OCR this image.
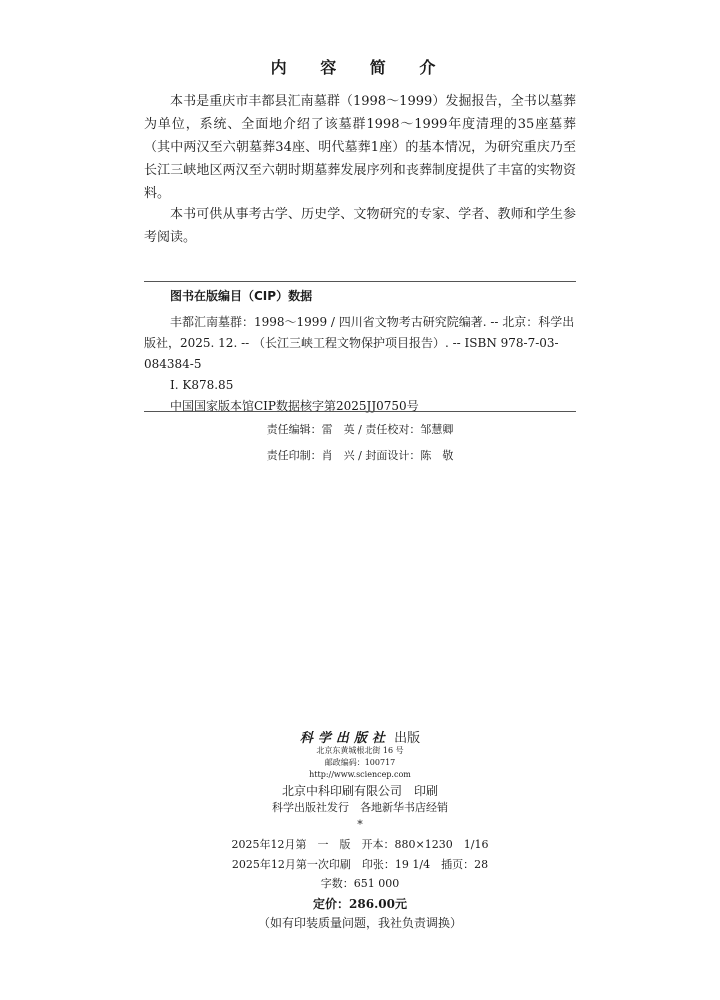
内 容 简 介

本书是重庆市丰都县汇南墓群（1998～1999）发掘报告，全书以墓葬为单位，系统、全面地介绍了该墓群1998～1999年度清理的35座墓葬（其中两汉至六朝墓葬34座、明代墓葬1座）的基本情况，为研究重庆乃至长江三峡地区两汉至六朝时期墓葬发展序列和丧葬制度提供了丰富的实物资料。

本书可供从事考古学、历史学、文物研究的专家、学者、教师和学生参考阅读。

图书在版编目（CIP）数据

丰都汇南墓群：1998～1999 / 四川省文物考古研究院编著. -- 北京：科学出版社，2025. 12. -- （长江三峡工程文物保护项目报告）. -- ISBN 978-7-03-084384-5

Ⅰ. K878.85

中国国家版本馆CIP数据核字第2025JJ0750号

责任编辑：雷　英 / 责任校对：邹慧卿
责任印制：肖　兴 / 封面设计：陈　敬
科学出版社 出版
北京东黄城根北街 16 号
邮政编码：100717
http://www.sciencep.com
北京中科印刷有限公司　印刷
科学出版社发行　各地新华书店经销
*
2025年12月第　一　版　开本：880×1230　1/16
2025年12月第一次印刷　印张：19 1/4　插页：28
字数：651 000
定价：286.00元
（如有印装质量问题，我社负责调换）
